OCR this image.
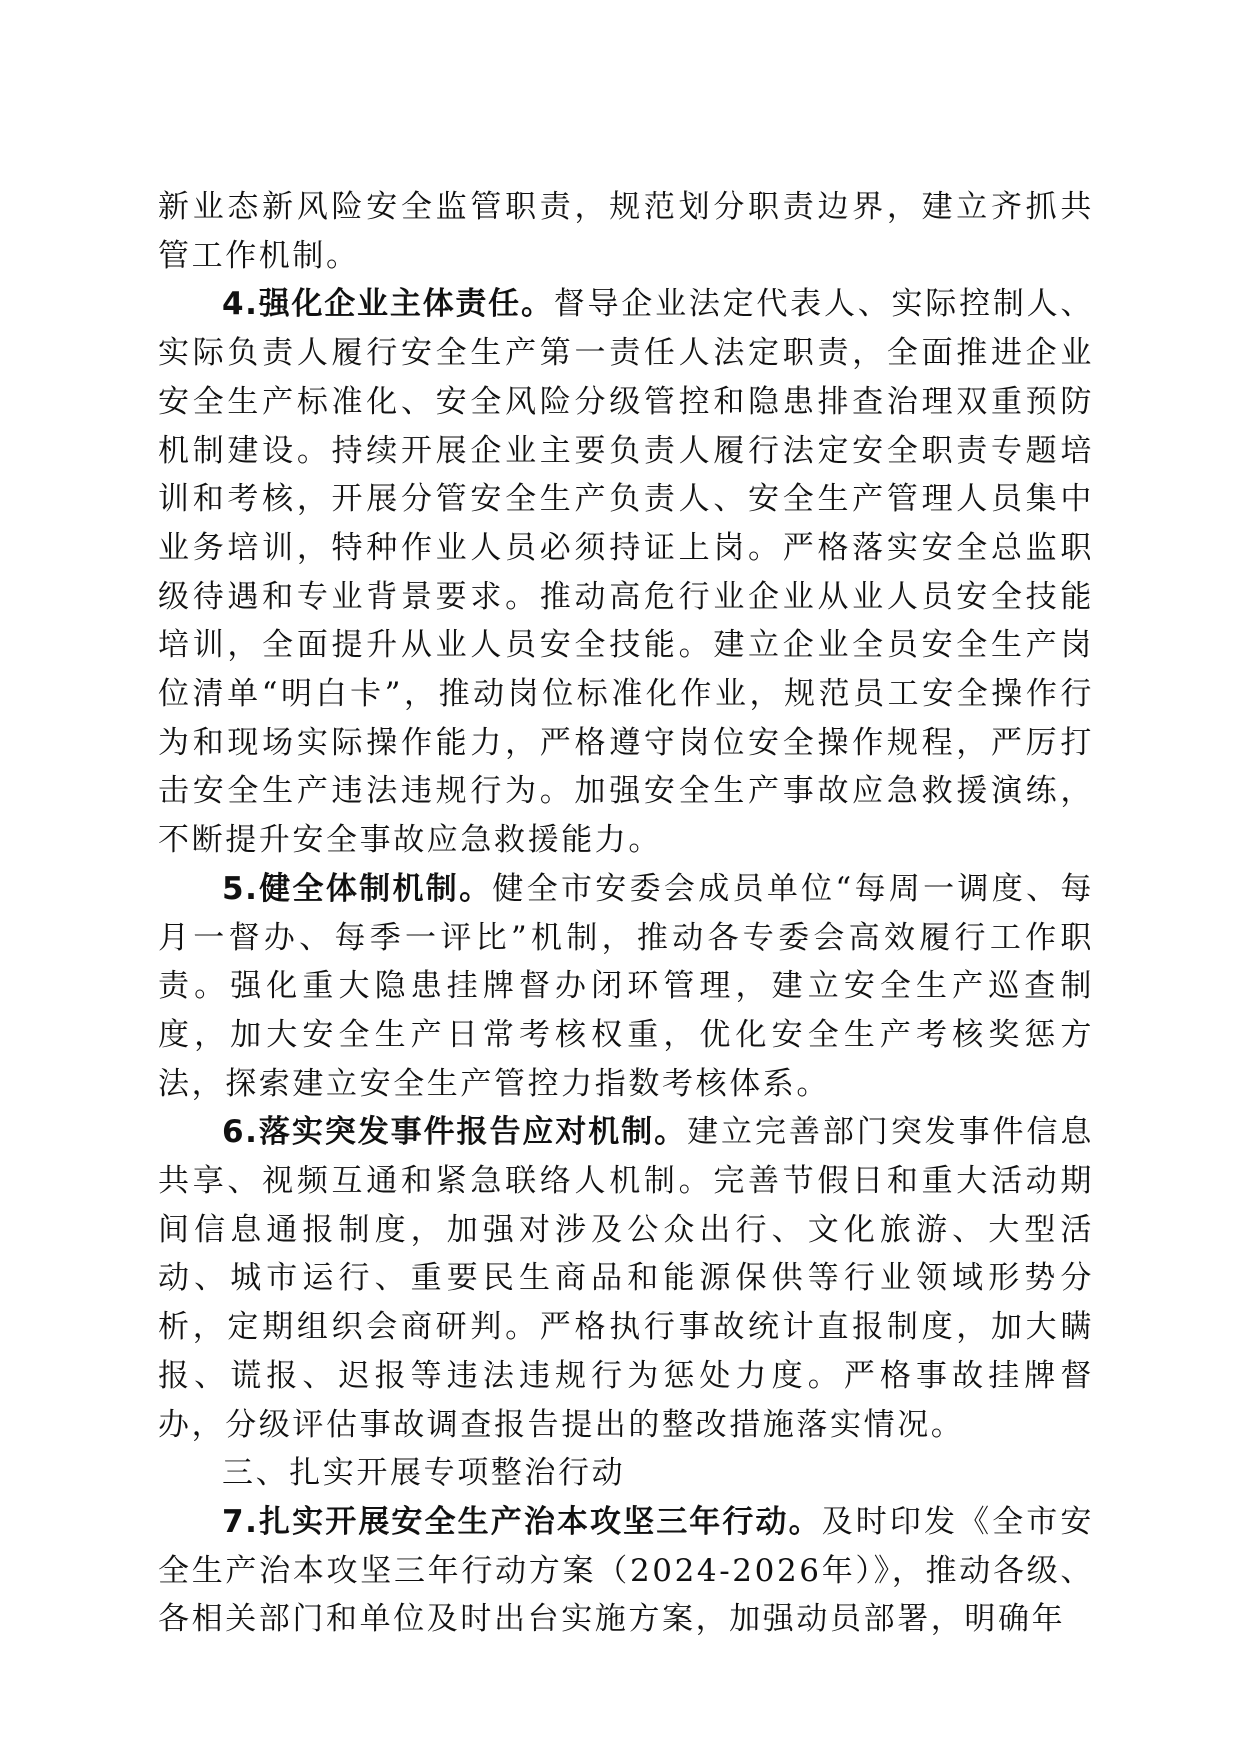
新业态新风险安全监管职责，规范划分职责边界，建立齐抓共管工作机制。

4.强化企业主体责任。督导企业法定代表人、实际控制人、实际负责人履行安全生产第一责任人法定职责，全面推进企业安全生产标准化、安全风险分级管控和隐患排查治理双重预防机制建设。持续开展企业主要负责人履行法定安全职责专题培训和考核，开展分管安全生产负责人、安全生产管理人员集中业务培训，特种作业人员必须持证上岗。严格落实安全总监职级待遇和专业背景要求。推动高危行业企业从业人员安全技能培训，全面提升从业人员安全技能。建立企业全员安全生产岗位清单“明白卡”，推动岗位标准化作业，规范员工安全操作行为和现场实际操作能力，严格遵守岗位安全操作规程，严厉打击安全生产违法违规行为。加强安全生产事故应急救援演练，不断提升安全事故应急救援能力。

5.健全体制机制。健全市安委会成员单位“每周一调度、每月一督办、每季一评比”机制，推动各专委会高效履行工作职责。强化重大隐患挂牌督办闭环管理，建立安全生产巡查制度，加大安全生产日常考核权重，优化安全生产考核奖惩方法，探索建立安全生产管控力指数考核体系。

6.落实突发事件报告应对机制。建立完善部门突发事件信息共享、视频互通和紧急联络人机制。完善节假日和重大活动期间信息通报制度，加强对涉及公众出行、文化旅游、大型活动、城市运行、重要民生商品和能源保供等行业领域形势分析，定期组织会商研判。严格执行事故统计直报制度，加大瞒报、谎报、迟报等违法违规行为惩处力度。严格事故挂牌督办，分级评估事故调查报告提出的整改措施落实情况。

三、扎实开展专项整治行动

7.扎实开展安全生产治本攻坚三年行动。及时印发《全市安全生产治本攻坚三年行动方案（2024-2026年）》，推动各级、各相关部门和单位及时出台实施方案，加强动员部署，明确年
